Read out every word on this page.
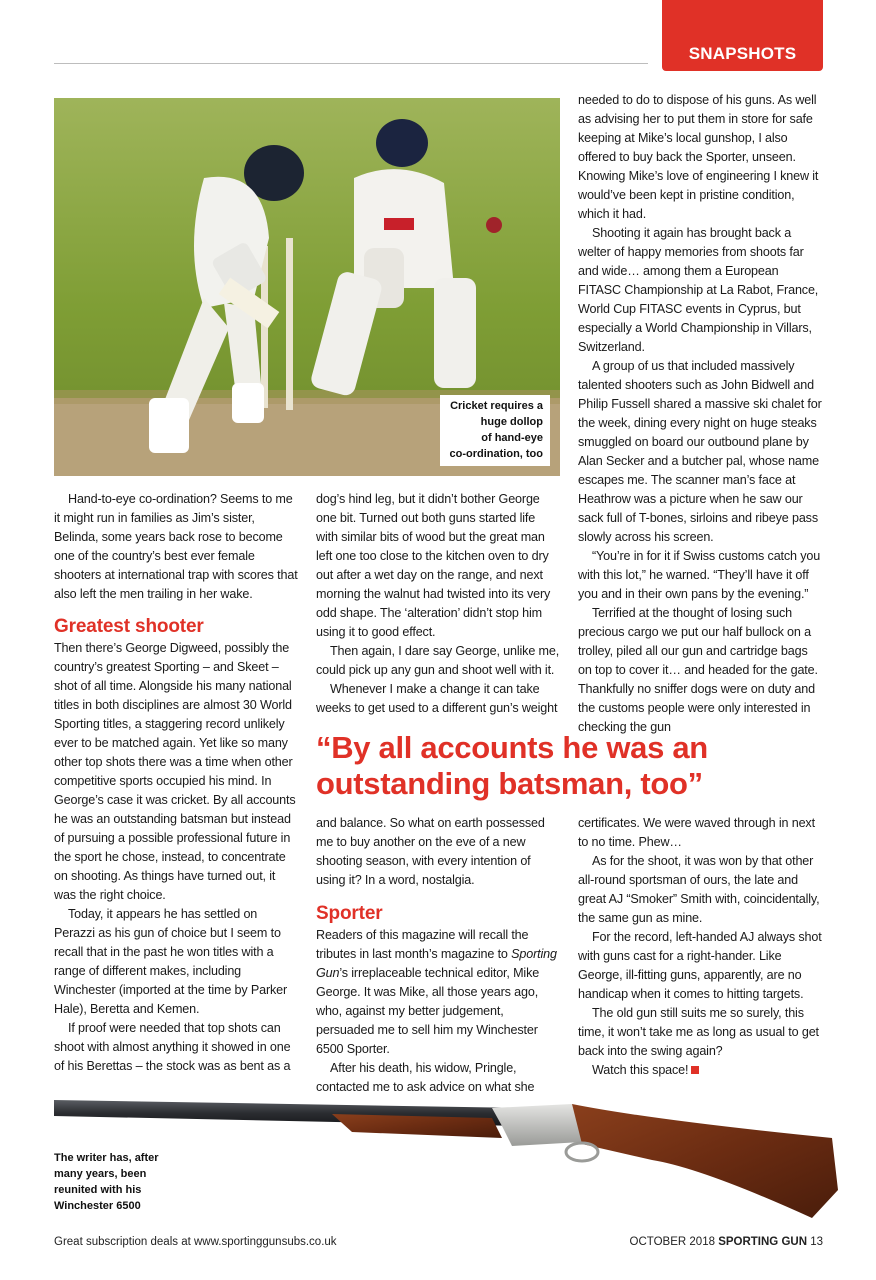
SNAPSHOTS
Cricket requires a
huge dollop
of hand-eye
co-ordination, too

Hand-to-eye co-ordination? Seems to me it might run in families as Jim’s sister, Belinda, some years back rose to become one of the country’s best ever female shooters at international trap with scores that also left the men trailing in her wake.

Greatest shooter

Then there’s George Digweed, possibly the country’s greatest Sporting – and Skeet – shot of all time. Alongside his many national titles in both disciplines are almost 30 World Sporting titles, a staggering record unlikely ever to be matched again. Yet like so many other top shots there was a time when other competitive sports occupied his mind. In George’s case it was cricket. By all accounts he was an outstanding batsman but instead of pursuing a possible professional future in the sport he chose, instead, to concentrate on shooting. As things have turned out, it was the right choice.

Today, it appears he has settled on Perazzi as his gun of choice but I seem to recall that in the past he won titles with a range of different makes, including Winchester (imported at the time by Parker Hale), Beretta and Kemen.

If proof were needed that top shots can shoot with almost anything it showed in one of his Berettas – the stock was as bent as a

dog’s hind leg, but it didn’t bother George one bit. Turned out both guns started life with similar bits of wood but the great man left one too close to the kitchen oven to dry out after a wet day on the range, and next morning the walnut had twisted into its very odd shape. The ‘alteration’ didn’t stop him using it to good effect.

Then again, I dare say George, unlike me, could pick up any gun and shoot well with it.

Whenever I make a change it can take weeks to get used to a different gun’s weight

needed to do to dispose of his guns. As well as advising her to put them in store for safe keeping at Mike’s local gunshop, I also offered to buy back the Sporter, unseen. Knowing Mike’s love of engineering I knew it would’ve been kept in pristine condition, which it had.

Shooting it again has brought back a welter of happy memories from shoots far and wide… among them a European FITASC Championship at La Rabot, France, World Cup FITASC events in Cyprus, but especially a World Championship in Villars, Switzerland.

A group of us that included massively talented shooters such as John Bidwell and Philip Fussell shared a massive ski chalet for the week, dining every night on huge steaks smuggled on board our outbound plane by Alan Secker and a butcher pal, whose name escapes me. The scanner man’s face at Heathrow was a picture when he saw our sack full of T-bones, sirloins and ribeye pass slowly across his screen.

“You’re in for it if Swiss customs catch you with this lot,” he warned. “They’ll have it off you and in their own pans by the evening.”

Terrified at the thought of losing such precious cargo we put our half bullock on a trolley, piled all our gun and cartridge bags on top to cover it… and headed for the gate. Thankfully no sniffer dogs were on duty and the customs people were only interested in checking the gun

“By all accounts he was an
outstanding batsman, too”

and balance. So what on earth possessed me to buy another on the eve of a new shooting season, with every intention of using it? In a word, nostalgia.

Sporter

Readers of this magazine will recall the tributes in last month’s magazine to Sporting Gun’s irreplaceable technical editor, Mike George. It was Mike, all those years ago, who, against my better judgement, persuaded me to sell him my Winchester 6500 Sporter.

After his death, his widow, Pringle, contacted me to ask advice on what she

certificates. We were waved through in next to no time. Phew…

As for the shoot, it was won by that other all-round sportsman of ours, the late and great AJ “Smoker” Smith with, coincidentally, the same gun as mine.

For the record, left-handed AJ always shot with guns cast for a right-hander. Like George, ill-fitting guns, apparently, are no handicap when it comes to hitting targets.

The old gun still suits me so surely, this time, it won’t take me as long as usual to get back into the swing again?

Watch this space!

The writer has, after many years, been reunited with his Winchester 6500
Great subscription deals at www.sportinggunsubs.co.uk	OCTOBER 2018 SPORTING GUN 13
